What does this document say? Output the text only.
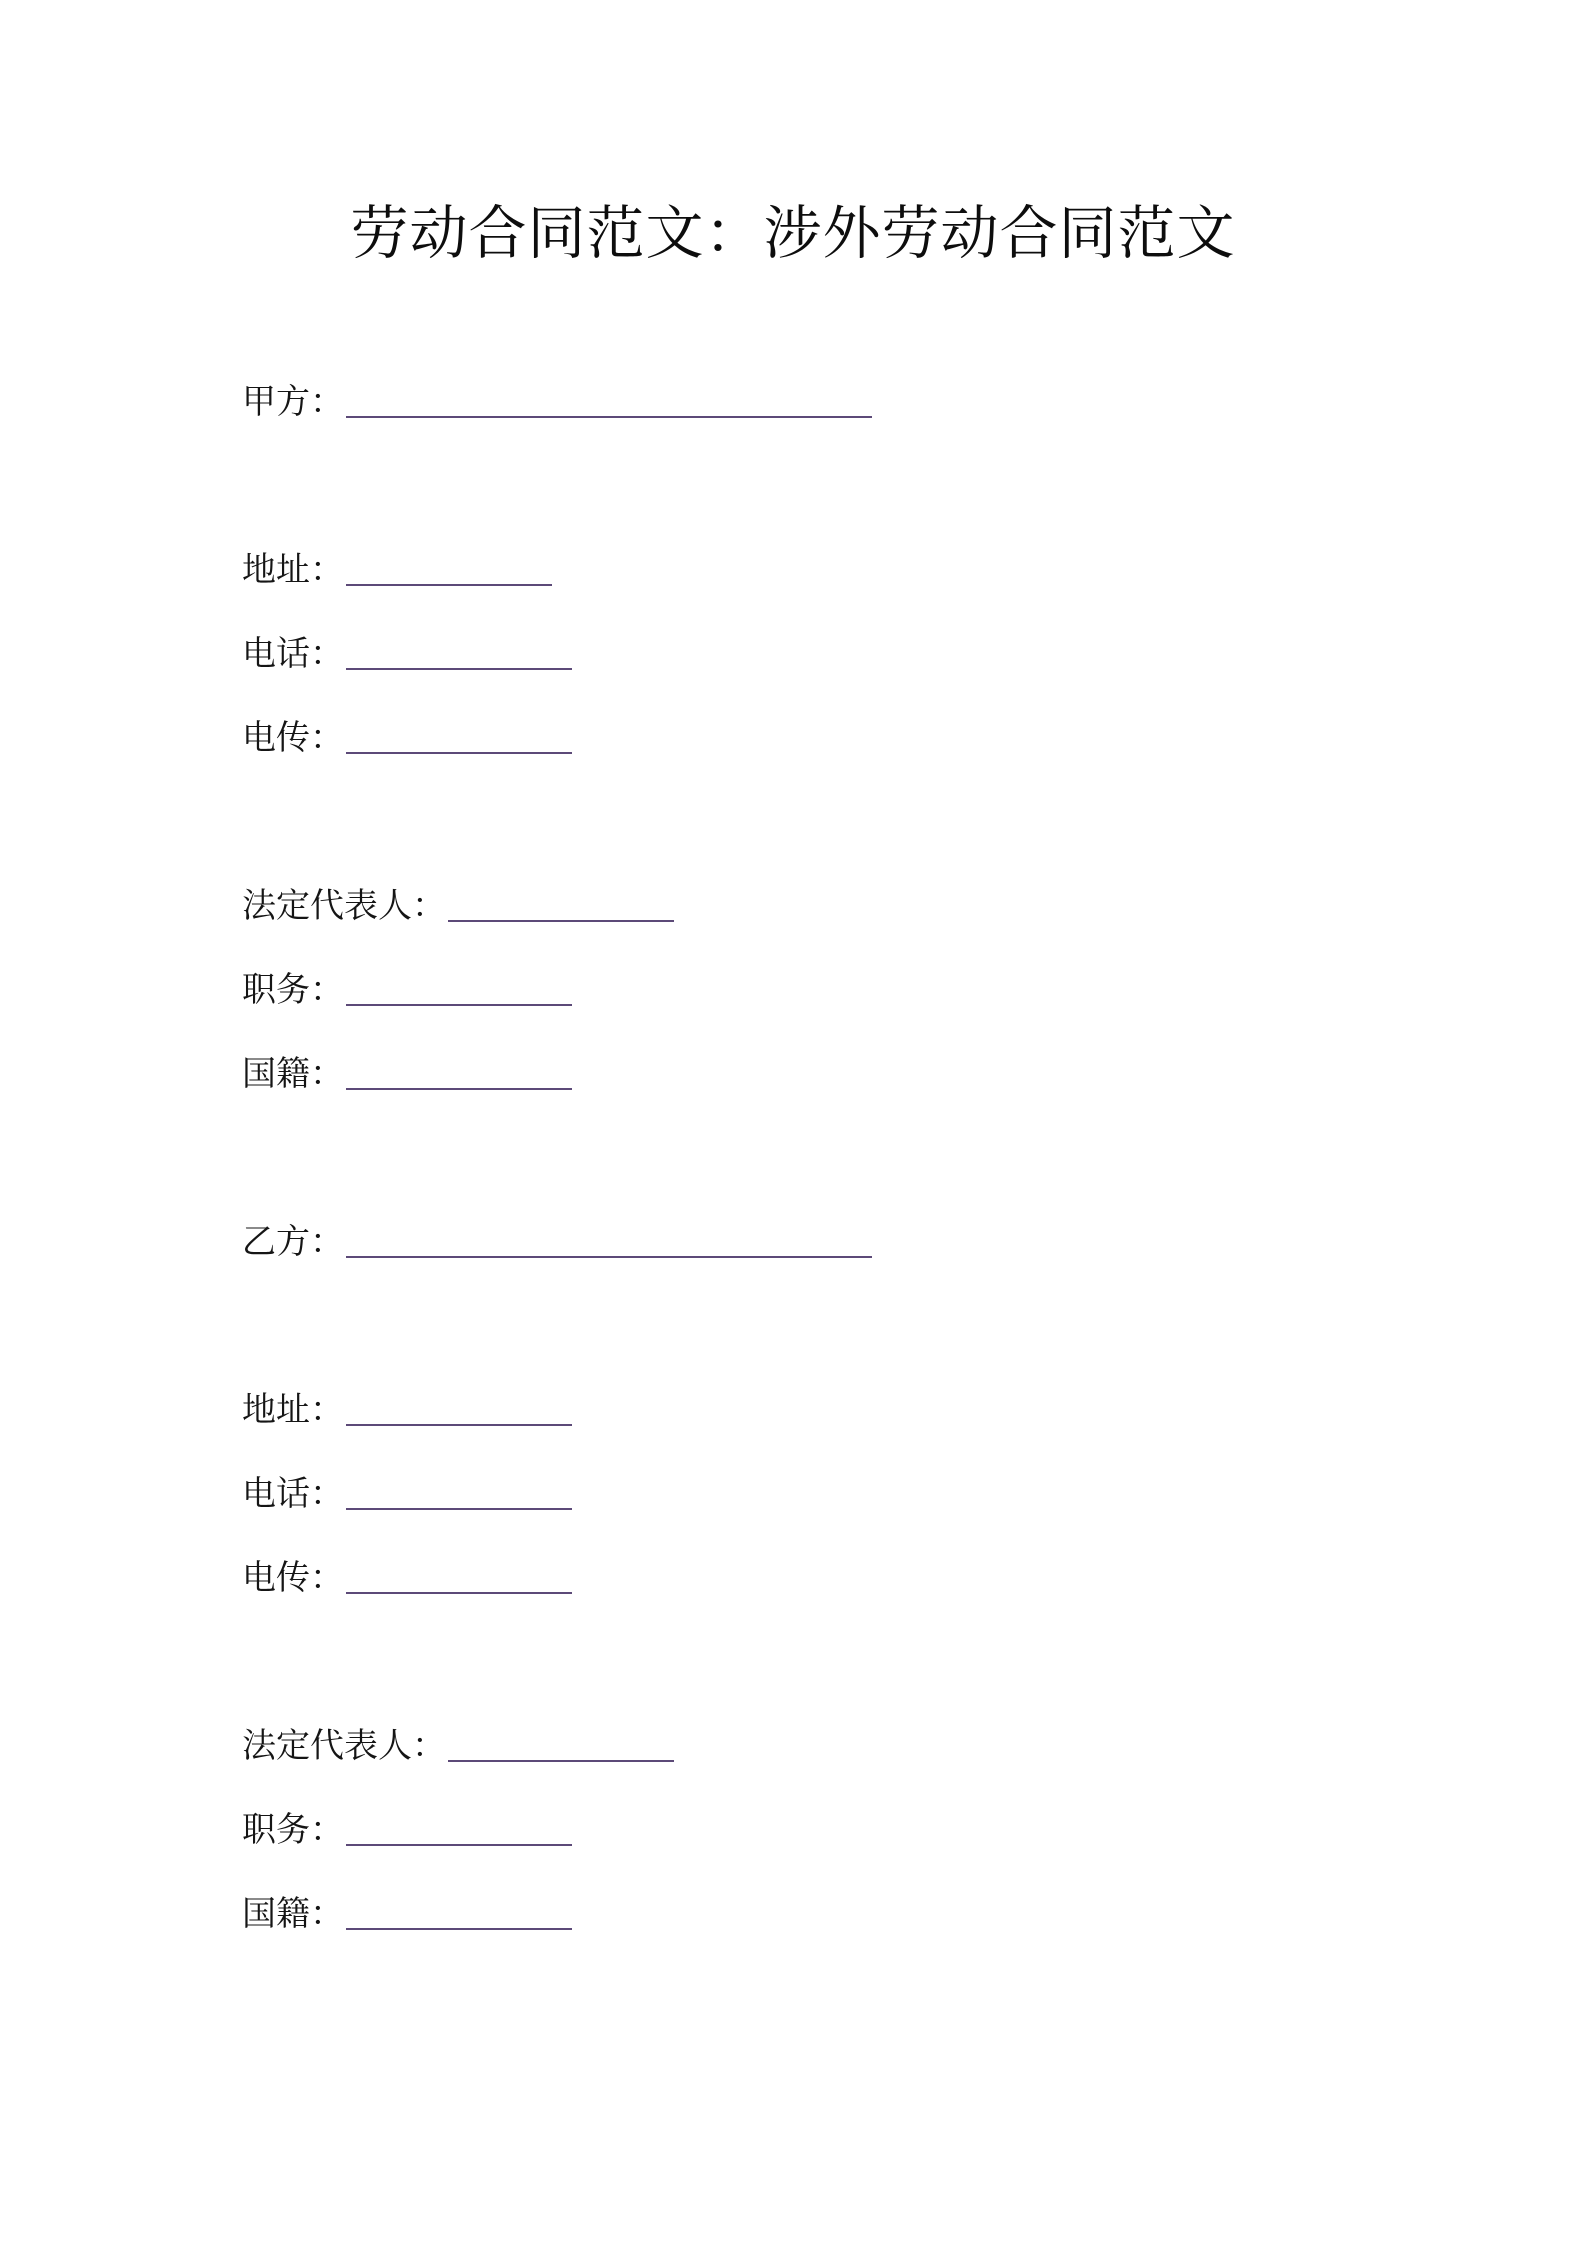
劳动合同范文：涉外劳动合同范文
甲方：
地址：
电话：
电传：
法定代表人：
职务：
国籍：
乙方：
地址：
电话：
电传：
法定代表人：
职务：
国籍：
